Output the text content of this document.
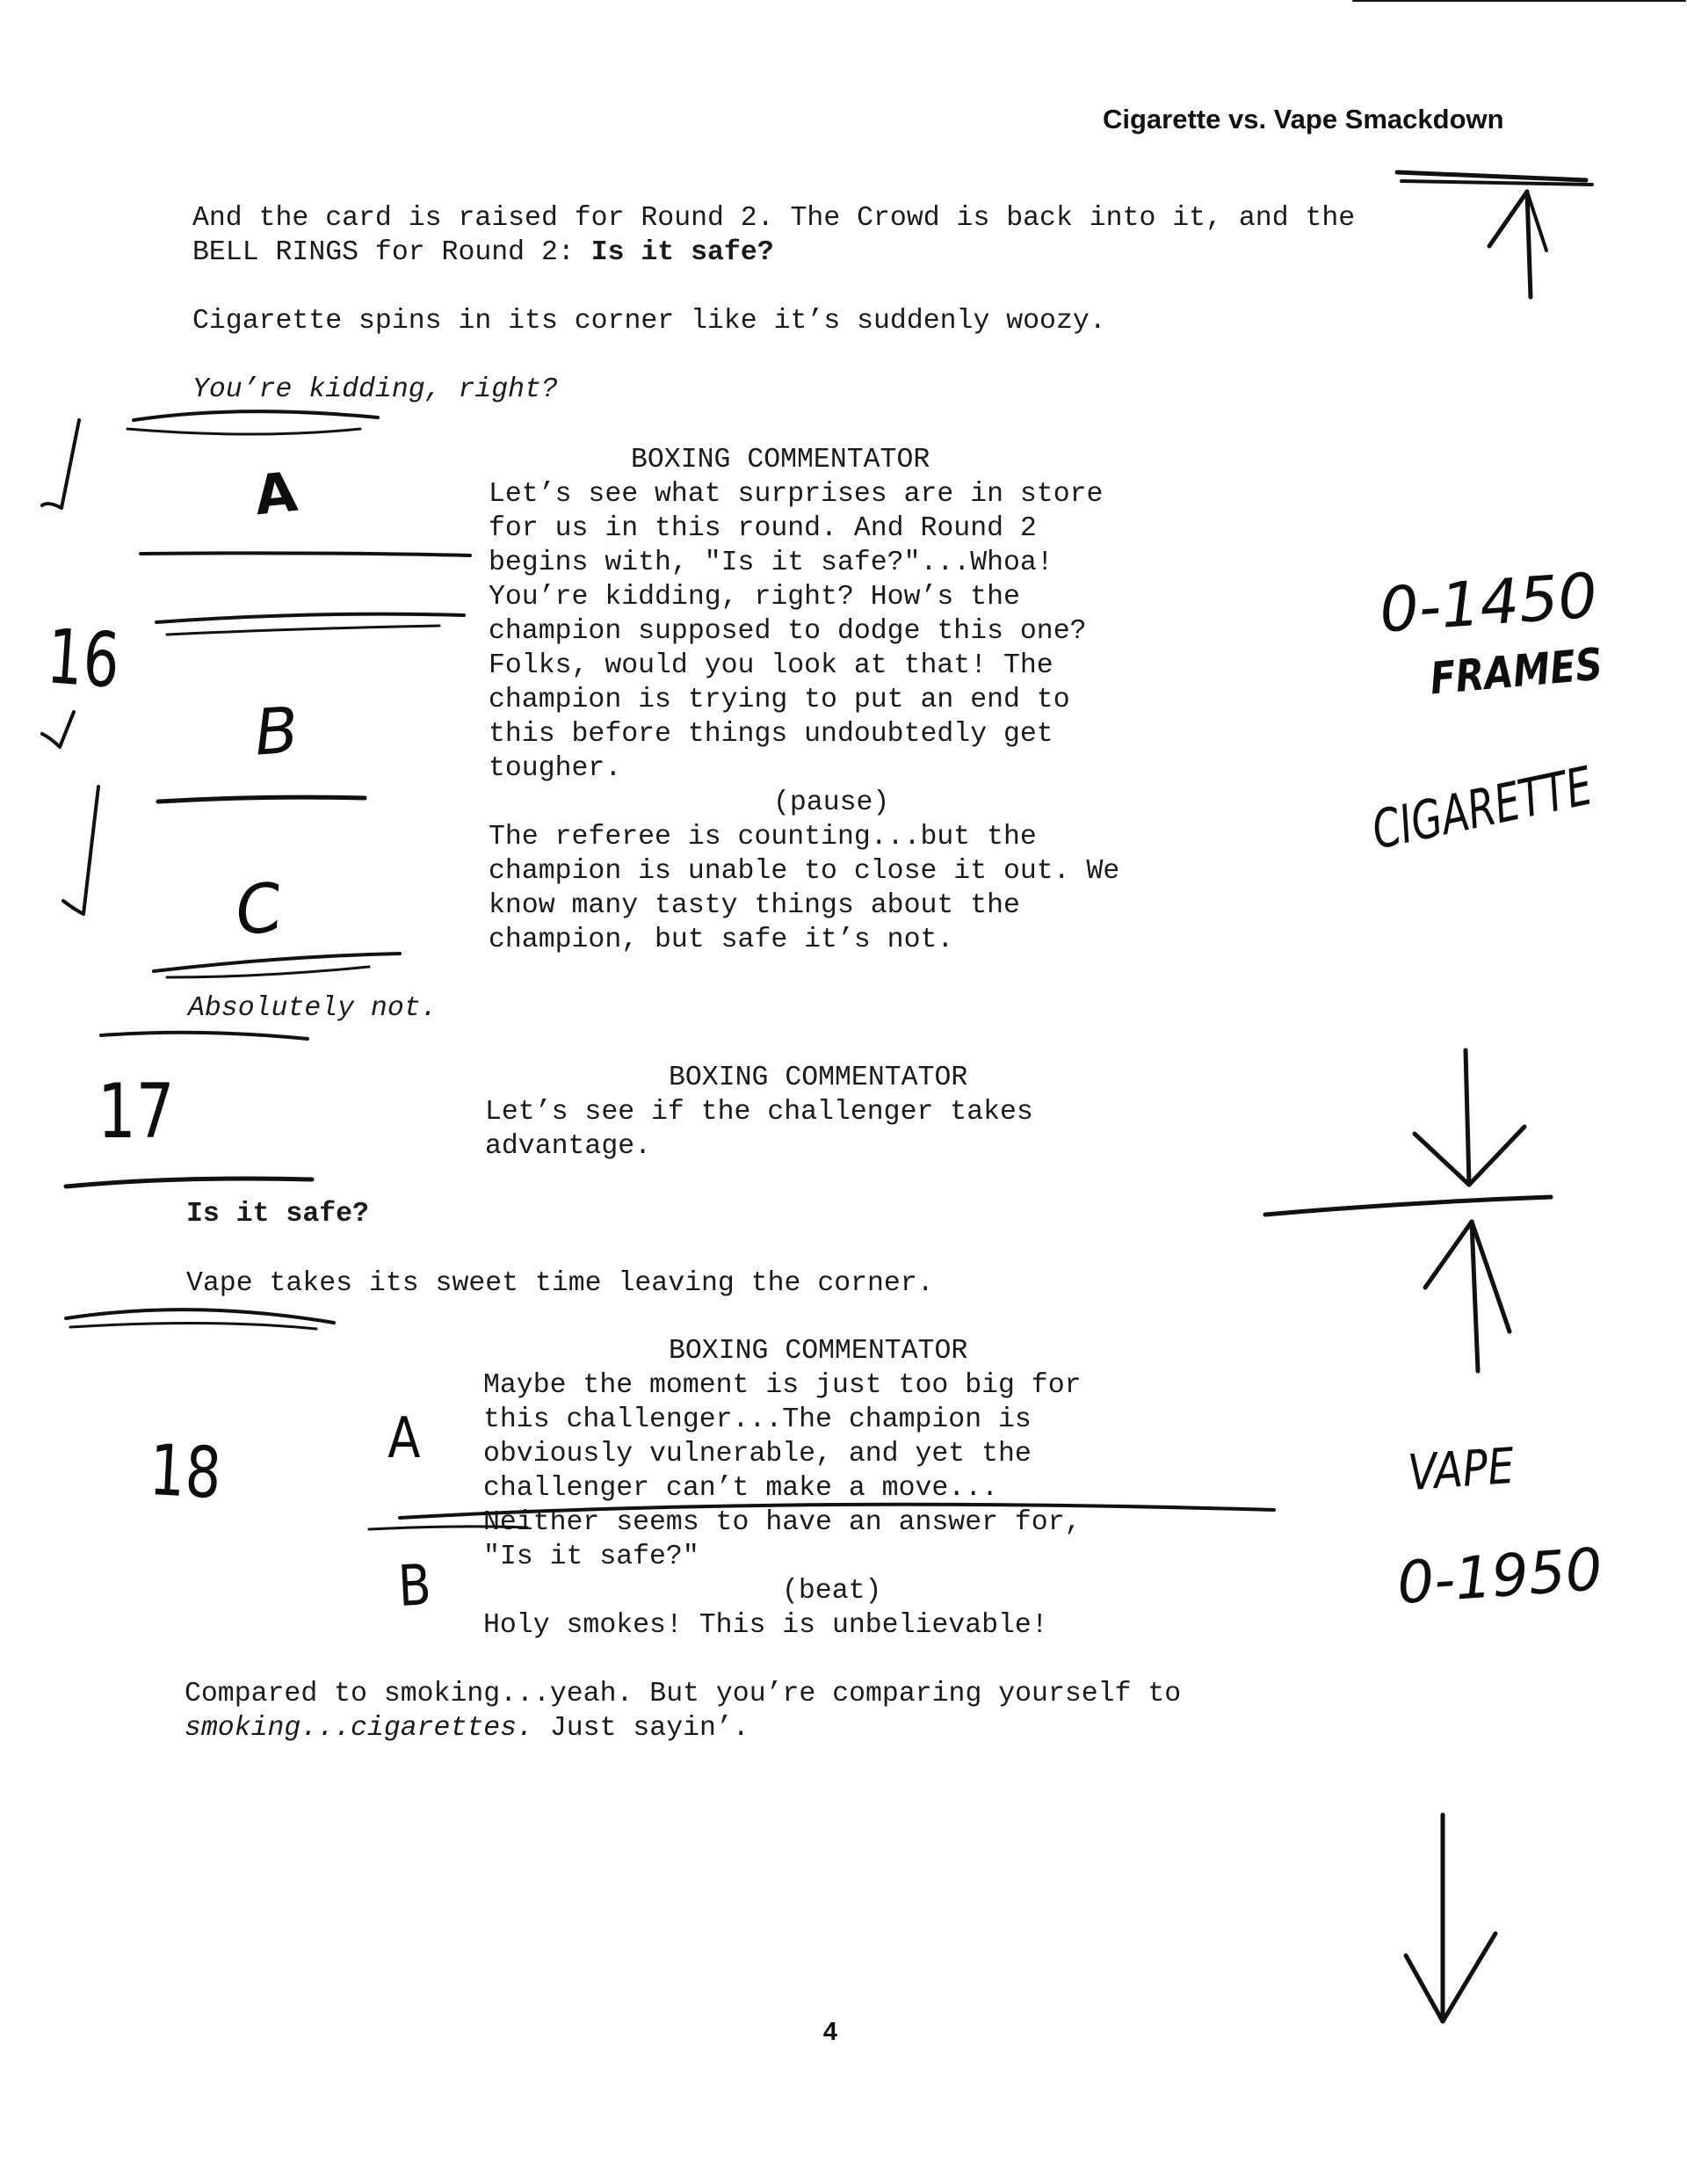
Cigarette vs. Vape Smackdown
And the card is raised for Round 2. The Crowd is back into it, and the
BELL RINGS for Round 2: Is it safe?
Cigarette spins in its corner like it’s suddenly woozy.
You’re kidding, right?
BOXING COMMENTATOR
Let’s see what surprises are in store
for us in this round. And Round 2
begins with, "Is it safe?"...Whoa!
You’re kidding, right? How’s the
champion supposed to dodge this one?
Folks, would you look at that! The
champion is trying to put an end to
this before things undoubtedly get
tougher.
(pause)
The referee is counting...but the
champion is unable to close it out. We
know many tasty things about the
champion, but safe it’s not.
Absolutely not.
BOXING COMMENTATOR
Let’s see if the challenger takes
advantage.
Is it safe?
Vape takes its sweet time leaving the corner.
BOXING COMMENTATOR
Maybe the moment is just too big for
this challenger...The champion is
obviously vulnerable, and yet the
challenger can’t make a move...
Neither seems to have an answer for,
"Is it safe?"
(beat)
Holy smokes! This is unbelievable!
Compared to smoking...yeah. But you’re comparing yourself to
smoking...cigarettes. Just sayin’.
4
A
B
C
16
17
18	A
B
0-1450
FRAMES
CIGARETTE
VAPE
0-1950
